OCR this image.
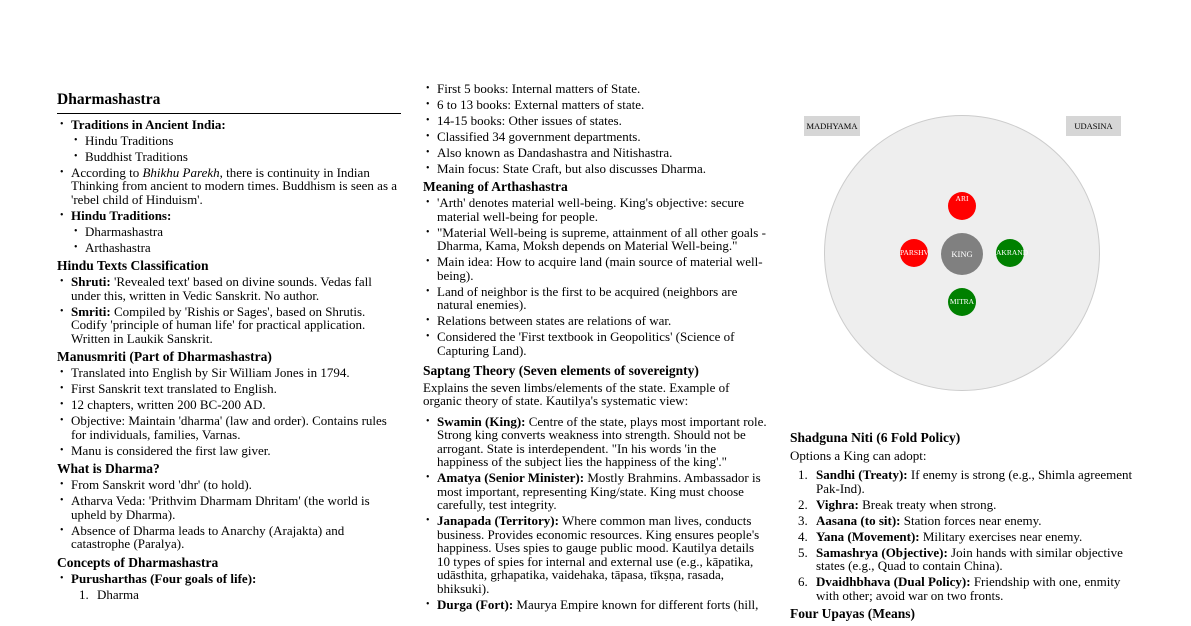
Dharmashastra
• Traditions in Ancient India:
• Hindu Traditions
• Buddhist Traditions
• According to Bhikhu Parekh, there is continuity in Indian Thinking from ancient to modern times. Buddhism is seen as a 'rebel child of Hinduism'.
• Hindu Traditions:
• Dharmashastra
• Arthashastra
Hindu Texts Classification
• Shruti: 'Revealed text' based on divine sounds. Vedas fall under this, written in Vedic Sanskrit. No author.
• Smriti: Compiled by 'Rishis or Sages', based on Shrutis. Codify 'principle of human life' for practical application. Written in Laukik Sanskrit.
Manusmriti (Part of Dharmashastra)
• Translated into English by Sir William Jones in 1794.
• First Sanskrit text translated to English.
• 12 chapters, written 200 BC-200 AD.
• Objective: Maintain 'dharma' (law and order). Contains rules for individuals, families, Varnas.
• Manu is considered the first law giver.
What is Dharma?
• From Sanskrit word 'dhr' (to hold).
• Atharva Veda: 'Prithvim Dharmam Dhritam' (the world is upheld by Dharma).
• Absence of Dharma leads to Anarchy (Arajakta) and catastrophe (Paralya).
Concepts of Dharmashastra
• Purusharthas (Four goals of life):
1. Dharma
• First 5 books: Internal matters of State.
• 6 to 13 books: External matters of state.
• 14-15 books: Other issues of states.
• Classified 34 government departments.
• Also known as Dandashastra and Nitishastra.
• Main focus: State Craft, but also discusses Dharma.
Meaning of Arthashastra
• 'Arth' denotes material well-being. King's objective: secure material well-being for people.
• "Material Well-being is supreme, attainment of all other goals - Dharma, Kama, Moksh depends on Material Well-being."
• Main idea: How to acquire land (main source of material well-being).
• Land of neighbor is the first to be acquired (neighbors are natural enemies).
• Relations between states are relations of war.
• Considered the 'First textbook in Geopolitics' (Science of Capturing Land).
Saptang Theory (Seven elements of sovereignty)

Explains the seven limbs/elements of the state. Example of organic theory of state. Kautilya's systematic view:

• Swamin (King): Centre of the state, plays most important role. Strong king converts weakness into strength. Should not be arrogant. State is interdependent. "In his words 'in the happiness of the subject lies the happiness of the king'."
• Amatya (Senior Minister): Mostly Brahmins. Ambassador is most important, representing King/state. King must choose carefully, test integrity.
• Janapada (Territory): Where common man lives, conducts business. Provides economic resources. King ensures people's happiness. Uses spies to gauge public mood. Kautilya details 10 types of spies for internal and external use (e.g., kāpatika, udāsthita, gṛhapatika, vaidehaka, tāpasa, tīkṣṇa, rasada, bhiksuki).
• Durga (Fort): Maurya Empire known for different forts (hill,
MADHYAMA	UDASINA
ARI
PARSHV	KING	AKRAND
MITRA
Shadguna Niti (6 Fold Policy)

Options a King can adopt:

1. Sandhi (Treaty): If enemy is strong (e.g., Shimla agreement Pak-Ind).
2. Vighra: Break treaty when strong.
3. Aasana (to sit): Station forces near enemy.
4. Yana (Movement): Military exercises near enemy.
5. Samashrya (Objective): Join hands with similar objective states (e.g., Quad to contain China).
6. Dvaidhbhava (Dual Policy): Friendship with one, enmity with other; avoid war on two fronts.
Four Upayas (Means)
